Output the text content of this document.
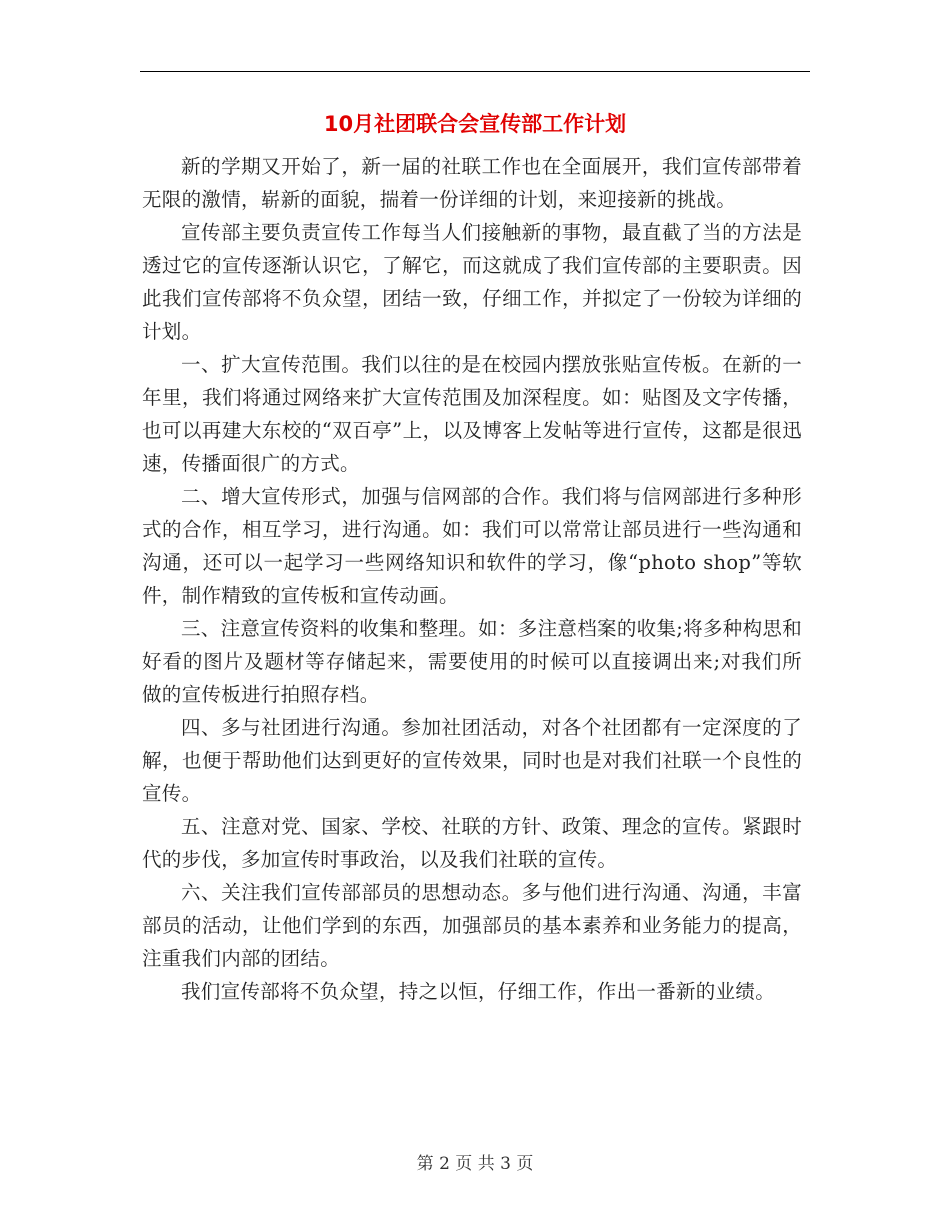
10月社团联合会宣传部工作计划

新的学期又开始了，新一届的社联工作也在全面展开，我们宣传部带着无限的激情，崭新的面貌，揣着一份详细的计划，来迎接新的挑战。

宣传部主要负责宣传工作每当人们接触新的事物，最直截了当的方法是透过它的宣传逐渐认识它，了解它，而这就成了我们宣传部的主要职责。因此我们宣传部将不负众望，团结一致，仔细工作，并拟定了一份较为详细的计划。

一、扩大宣传范围。我们以往的是在校园内摆放张贴宣传板。在新的一年里，我们将通过网络来扩大宣传范围及加深程度。如：贴图及文字传播，也可以再建大东校的“双百亭”上，以及博客上发帖等进行宣传，这都是很迅速，传播面很广的方式。

二、增大宣传形式，加强与信网部的合作。我们将与信网部进行多种形式的合作，相互学习，进行沟通。如：我们可以常常让部员进行一些沟通和沟通，还可以一起学习一些网络知识和软件的学习，像“photo shop”等软件，制作精致的宣传板和宣传动画。

三、注意宣传资料的收集和整理。如：多注意档案的收集;将多种构思和好看的图片及题材等存储起来，需要使用的时候可以直接调出来;对我们所做的宣传板进行拍照存档。

四、多与社团进行沟通。参加社团活动，对各个社团都有一定深度的了解，也便于帮助他们达到更好的宣传效果，同时也是对我们社联一个良性的宣传。

五、注意对党、国家、学校、社联的方针、政策、理念的宣传。紧跟时代的步伐，多加宣传时事政治，以及我们社联的宣传。

六、关注我们宣传部部员的思想动态。多与他们进行沟通、沟通，丰富部员的活动，让他们学到的东西，加强部员的基本素养和业务能力的提高，注重我们内部的团结。

我们宣传部将不负众望，持之以恒，仔细工作，作出一番新的业绩。

第 2 页 共 3 页
